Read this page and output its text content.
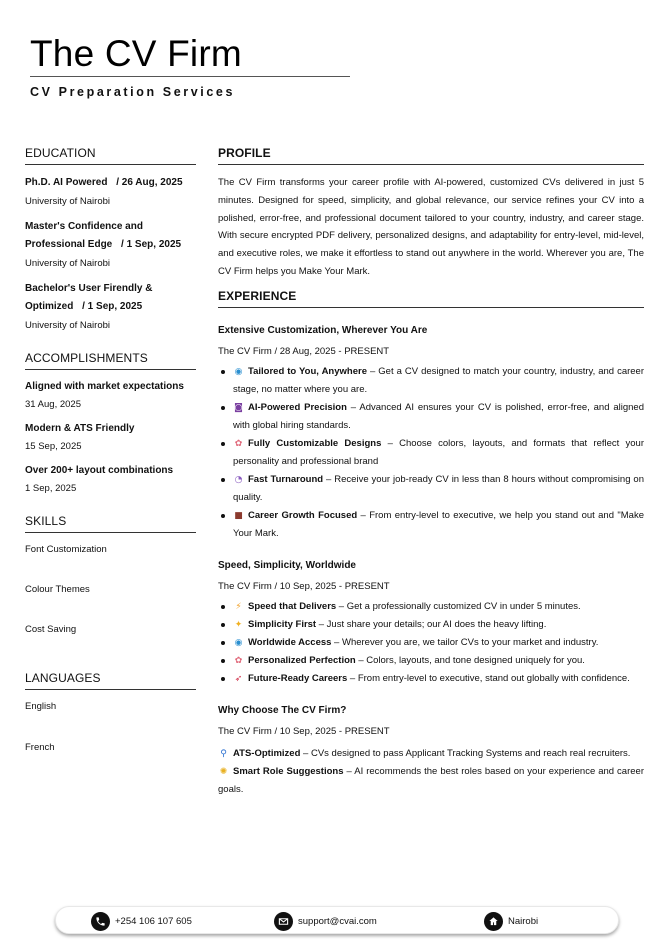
The CV Firm
CV Preparation Services
EDUCATION
Ph.D. AI Powered / 26 Aug, 2025
University of Nairobi
Master's Confidence and
Professional Edge / 1 Sep, 2025
University of Nairobi
Bachelor's User Firendly &
Optimized / 1 Sep, 2025
University of Nairobi
ACCOMPLISHMENTS
Aligned with market expectations
31 Aug, 2025
Modern & ATS Friendly
15 Sep, 2025
Over 200+ layout combinations
1 Sep, 2025
SKILLS
Font Customization
Colour Themes
Cost Saving
LANGUAGES
English
French
PROFILE

The CV Firm transforms your career profile with AI-powered, customized CVs delivered in just 5 minutes. Designed for speed, simplicity, and global relevance, our service refines your CV into a polished, error-free, and professional document tailored to your country, industry, and career stage. With secure encrypted PDF delivery, personalized designs, and adaptability for entry-level, mid-level, and executive roles, we make it effortless to stand out anywhere in the world. Wherever you are, The CV Firm helps you Make Your Mark.

EXPERIENCE
Extensive Customization, Wherever You Are
The CV Firm / 28 Aug, 2025 - PRESENT
◉ Tailored to You, Anywhere – Get a CV designed to match your country, industry, and career stage, no matter where you are.
◙ AI-Powered Precision – Advanced AI ensures your CV is polished, error-free, and aligned with global hiring standards.
✿ Fully Customizable Designs – Choose colors, layouts, and formats that reflect your personality and professional brand
◔ Fast Turnaround – Receive your job-ready CV in less than 8 hours without compromising on quality.
■ Career Growth Focused – From entry-level to executive, we help you stand out and "Make Your Mark.
Speed, Simplicity, Worldwide
The CV Firm / 10 Sep, 2025 - PRESENT
⚡ Speed that Delivers – Get a professionally customized CV in under 5 minutes.
✦ Simplicity First – Just share your details; our AI does the heavy lifting.
◉ Worldwide Access – Wherever you are, we tailor CVs to your market and industry.
✿ Personalized Perfection – Colors, layouts, and tone designed uniquely for you.
➶ Future-Ready Careers – From entry-level to executive, stand out globally with confidence.
Why Choose The CV Firm?
The CV Firm / 10 Sep, 2025 - PRESENT
⚲ ATS-Optimized – CVs designed to pass Applicant Tracking Systems and reach real recruiters.
✺ Smart Role Suggestions – AI recommends the best roles based on your experience and career goals.
+254 106 107 605	support@cvai.com	Nairobi
